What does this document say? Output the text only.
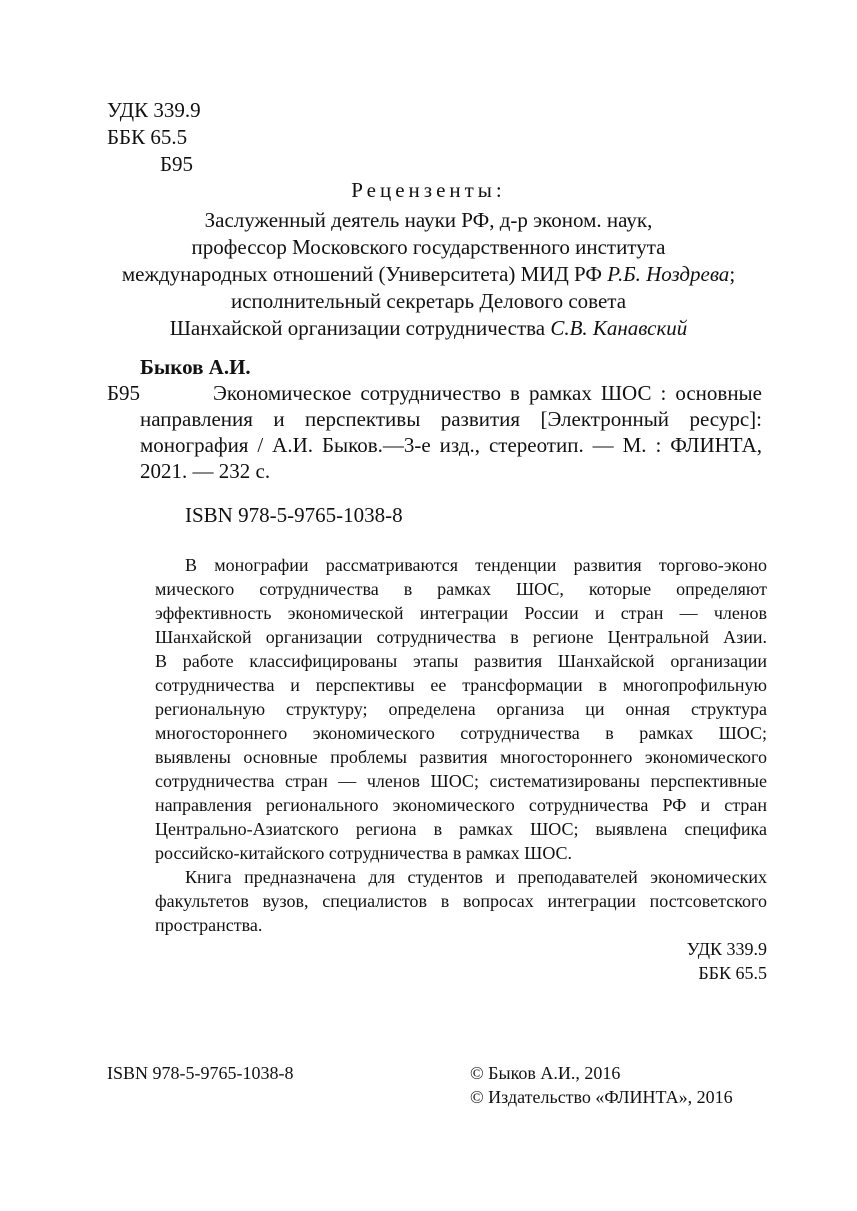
УДК 339.9
ББК 65.5
Б95
Рецензенты:
Заслуженный деятель науки РФ, д-р эконом. наук,
профессор Московского государственного института
международных отношений (Университета) МИД РФ Р.Б. Ноздрева;
исполнительный секретарь Делового совета
Шанхайской организации сотрудничества С.В. Канавский
Быков А.И.
Б95	Экономическое сотрудничество в рамках ШОС : основные
направления и перспективы развития [Электронный ресурс]:
монография / А.И. Быков.—3-е изд., стереотип. — М. : ФЛИНТА,
2021. — 232 с.
ISBN 978-5-9765-1038-8
В монографии рассматриваются тенденции развития торгово-эконо
мического сотрудничества в рамках ШОС, которые определяют
эффективность экономической интеграции России и стран — членов
Шанхайской организации сотрудничества в регионе Центральной Азии.
В работе классифицированы этапы развития Шанхайской организации
сотрудничества и перспективы ее трансформации в многопрофильную
региональную структуру; определена организа ци онная структура
многостороннего экономического сотрудничества в рамках ШОС;
выявлены основные проблемы развития многостороннего экономического
сотрудничества стран — членов ШОС; систематизированы перспективные
направления регионального экономического сотрудничества РФ и стран
Центрально-Азиатского региона в рамках ШОС; выявлена специфика
российско-китайского сотрудничества в рамках ШОС.
Книга предназначена для студентов и преподавателей экономических
факультетов вузов, специалистов в вопросах интеграции постсоветского
пространства.
УДК 339.9
ББК 65.5
ISBN 978-5-9765-1038-8	© Быков А.И., 2016
© Издательство «ФЛИНТА», 2016
